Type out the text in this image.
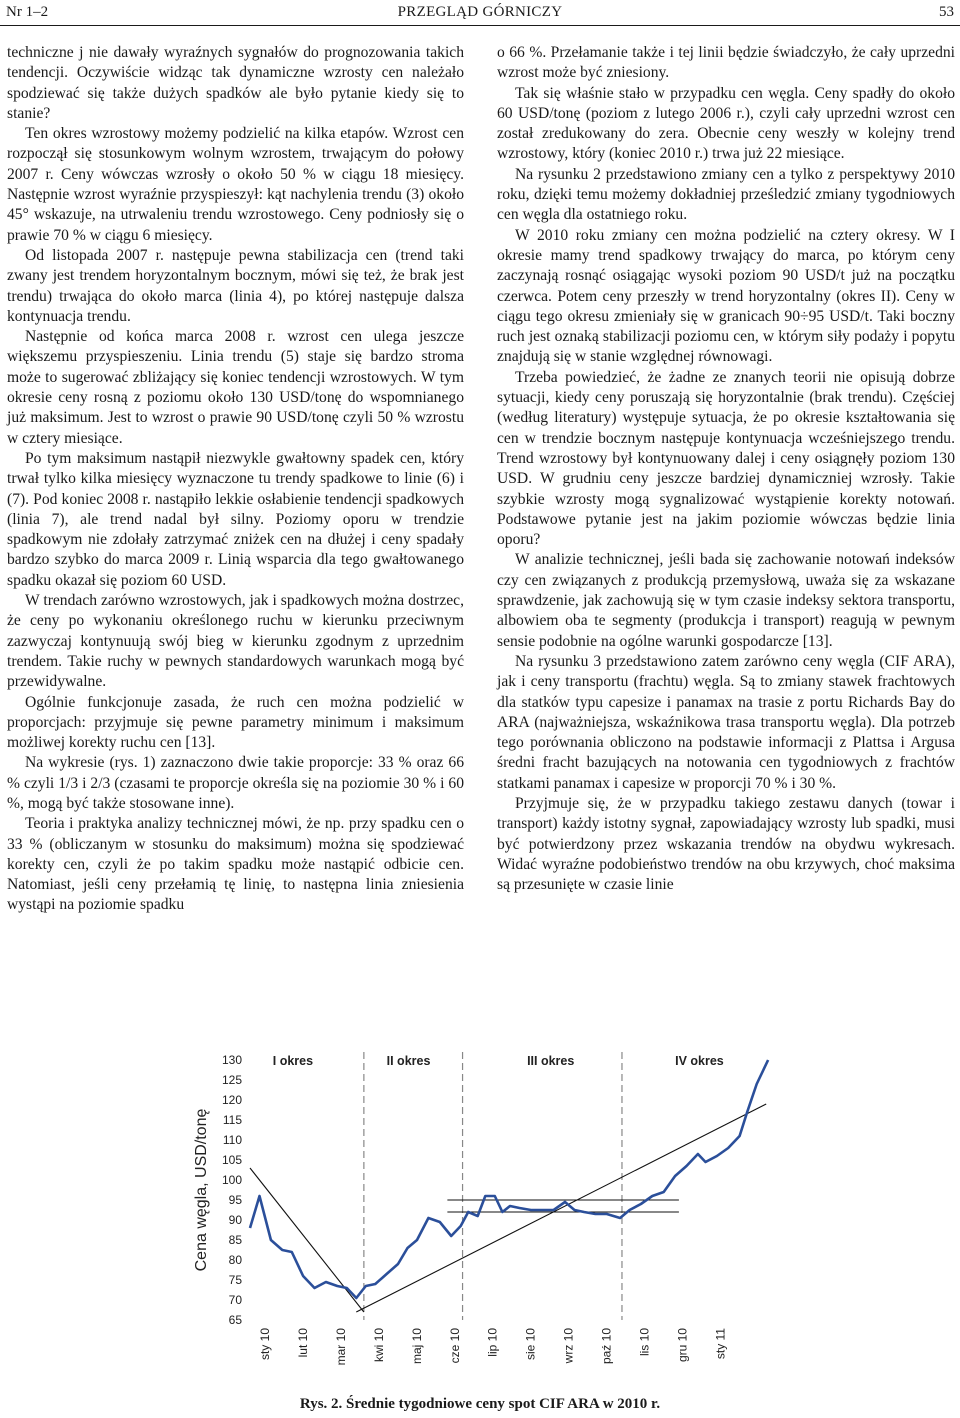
Nr 1–2	PRZEGLĄD GÓRNICZY	53

techniczne j nie dawały wyraźnych sygnałów do prognozowania takich tendencji. Oczywiście widząc tak dynamiczne wzrosty cen należało spodziewać się także dużych spadków ale było pytanie kiedy się to stanie?

Ten okres wzrostowy możemy podzielić na kilka etapów. Wzrost cen rozpoczął się stosunkowym wolnym wzrostem, trwającym do połowy 2007 r. Ceny wówczas wzrosły o około 50 % w ciągu 18 miesięcy. Następnie wzrost wyraźnie przyspieszył: kąt nachylenia trendu (3) około 45° wskazuje, na utrwaleniu trendu wzrostowego. Ceny podniosły się o prawie 70 % w ciągu 6 miesięcy.

Od listopada 2007 r. następuje pewna stabilizacja cen (trend taki zwany jest trendem horyzontalnym bocznym, mówi się też, że brak jest trendu) trwająca do około marca (linia 4), po której następuje dalsza kontynuacja trendu.

Następnie od końca marca 2008 r. wzrost cen ulega jeszcze większemu przyspieszeniu. Linia trendu (5) staje się bardzo stroma może to sugerować zbliżający się koniec tendencji wzrostowych. W tym okresie ceny rosną z poziomu około 130 USD/tonę do wspomnianego już maksimum. Jest to wzrost o prawie 90 USD/tonę czyli 50 % wzrostu w cztery miesiące.

Po tym maksimum nastąpił niezwykle gwałtowny spadek cen, który trwał tylko kilka miesięcy wyznaczone tu trendy spadkowe to linie (6) i (7). Pod koniec 2008 r. nastąpiło lekkie osłabienie tendencji spadkowych (linia 7), ale trend nadal był silny. Poziomy oporu w trendzie spadkowym nie zdołały zatrzymać zniżek cen na dłużej i ceny spadały bardzo szybko do marca 2009 r. Linią wsparcia dla tego gwałtowanego spadku okazał się poziom 60 USD.

W trendach zarówno wzrostowych, jak i spadkowych można dostrzec, że ceny po wykonaniu określonego ruchu w kierunku przeciwnym zazwyczaj kontynuują swój bieg w kierunku zgodnym z uprzednim trendem. Takie ruchy w pewnych standardowych warunkach mogą być przewidywalne.

Ogólnie funkcjonuje zasada, że ruch cen można podzielić w proporcjach: przyjmuje się pewne parametry minimum i maksimum możliwej korekty ruchu cen [13].

Na wykresie (rys. 1) zaznaczono dwie takie proporcje: 33 % oraz 66 % czyli 1/3 i 2/3 (czasami te proporcje określa się na poziomie 30 % i 60 %, mogą być także stosowane inne).

Teoria i praktyka analizy technicznej mówi, że np. przy spadku cen o 33 % (obliczanym w stosunku do maksimum) można się spodziewać korekty cen, czyli że po takim spadku może nastąpić odbicie cen. Natomiast, jeśli ceny przełamią tę linię, to następna linia zniesienia wystąpi na poziomie spadku

o 66 %. Przełamanie także i tej linii będzie świadczyło, że cały uprzedni wzrost może być zniesiony.

Tak się właśnie stało w przypadku cen węgla. Ceny spadły do około 60 USD/tonę (poziom z lutego 2006 r.), czyli cały uprzedni wzrost cen został zredukowany do zera. Obecnie ceny weszły w kolejny trend wzrostowy, który (koniec 2010 r.) trwa już 22 miesiące.

Na rysunku 2 przedstawiono zmiany cen a tylko z perspektywy 2010 roku, dzięki temu możemy dokładniej prześledzić zmiany tygodniowych cen węgla dla ostatniego roku.

W 2010 roku zmiany cen można podzielić na cztery okresy. W I okresie mamy trend spadkowy trwający do marca, po którym ceny zaczynają rosnąć osiągając wysoki poziom 90 USD/t już na początku czerwca. Potem ceny przeszły w trend horyzontalny (okres II). Ceny w ciągu tego okresu zmieniały się w granicach 90÷95 USD/t. Taki boczny ruch jest oznaką stabilizacji poziomu cen, w którym siły podaży i popytu znajdują się w stanie względnej równowagi.

Trzeba powiedzieć, że żadne ze znanych teorii nie opisują dobrze sytuacji, kiedy ceny poruszają się horyzontalnie (brak trendu). Częściej (według literatury) występuje sytuacja, że po okresie kształtowania się cen w trendzie bocznym następuje kontynuacja wcześniejszego trendu. Trend wzrostowy był kontynuowany dalej i ceny osiągnęły poziom 130 USD. W grudniu ceny jeszcze bardziej dynamiczniej wzrosły. Takie szybkie wzrosty mogą sygnalizować wystąpienie korekty notowań. Podstawowe pytanie jest na jakim poziomie wówczas będzie linia oporu?

W analizie technicznej, jeśli bada się zachowanie notowań indeksów czy cen związanych z produkcją przemysłową, uważa się za wskazane sprawdzenie, jak zachowują się w tym czasie indeksy sektora transportu, albowiem oba te segmenty (produkcja i transport) reagują w pewnym sensie podobnie na ogólne warunki gospodarcze [13].

Na rysunku 3 przedstawiono zatem zarówno ceny węgla (CIF ARA), jak i ceny transportu (frachtu) węgla. Są to zmiany stawek frachtowych dla statków typu capesize i panamax na trasie z portu Richards Bay do ARA (najważniejsza, wskaźnikowa trasa transportu węgla). Dla potrzeb tego porównania obliczono na podstawie informacji z Plattsa i Argusa średni fracht bazujących na notowania cen tygodniowych z frachtów statkami panamax i capesize w proporcji 70 % i 30 %.

Przyjmuje się, że w przypadku takiego zestawu danych (towar i transport) każdy istotny sygnał, zapowiadający wzrosty lub spadki, musi być potwierdzony przez wskazania trendów na obydwu wykresach. Widać wyraźne podobieństwo trendów na obu krzywych, choć maksima są przesunięte w czasie linie

Cena węgla, USD/tonę
65
70
75
80
85
90
95
100
105
110
115
120
125
130
sty 10 lut 10 mar 10 kwi 10 maj 10 cze 10 lip 10 sie 10 wrz 10 paź 10 lis 10 gru 10 sty 11
I okres	II okres	III okres	IV okres
Rys. 2. Średnie tygodniowe ceny spot CIF ARA w 2010 r.
